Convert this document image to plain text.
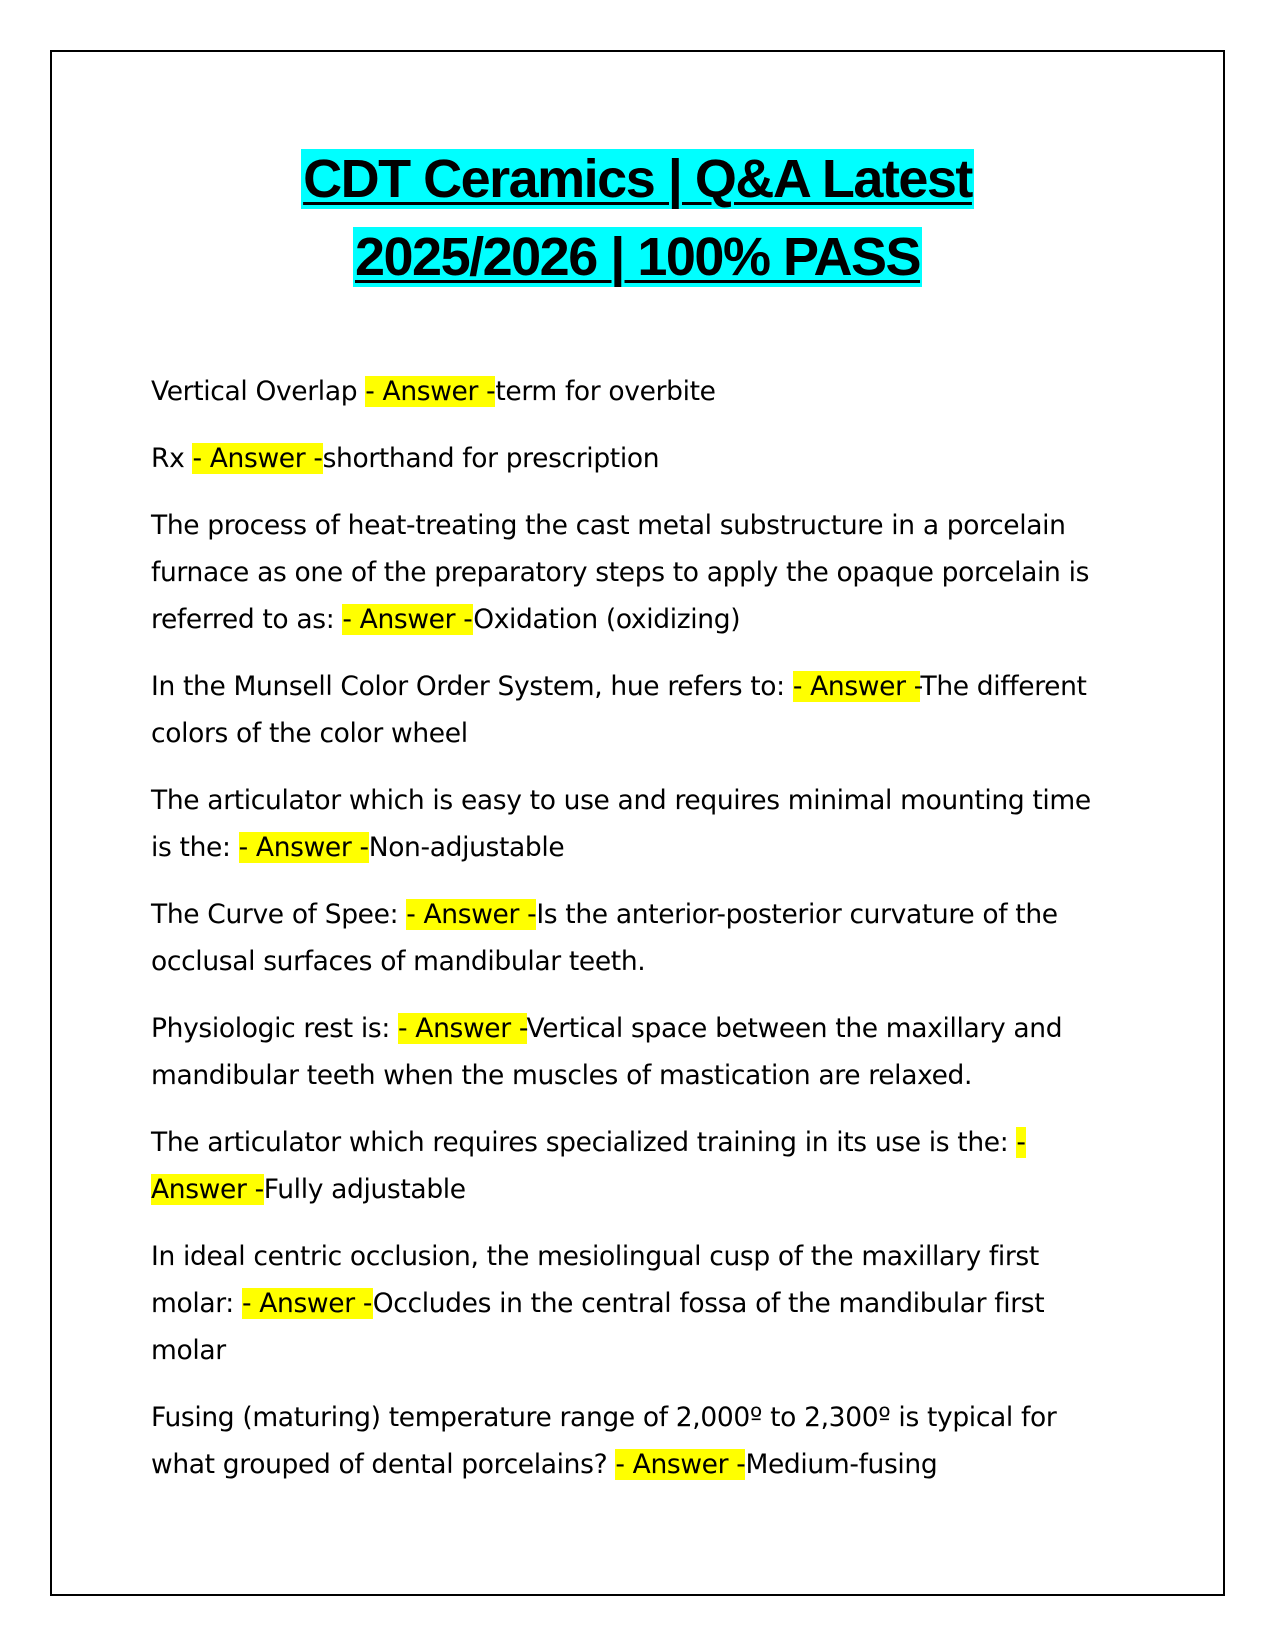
CDT Ceramics | Q&A Latest
2025/2026 | 100% PASS

Vertical Overlap - Answer -term for overbite

Rx - Answer -shorthand for prescription

The process of heat-treating the cast metal substructure in a porcelain furnace as one of the preparatory steps to apply the opaque porcelain is referred to as: - Answer -Oxidation (oxidizing)

In the Munsell Color Order System, hue refers to: - Answer -The different colors of the color wheel

The articulator which is easy to use and requires minimal mounting time is the: - Answer -Non-adjustable

The Curve of Spee: - Answer -Is the anterior-posterior curvature of the occlusal surfaces of mandibular teeth.

Physiologic rest is: - Answer -Vertical space between the maxillary and mandibular teeth when the muscles of mastication are relaxed.

The articulator which requires specialized training in its use is the: - Answer -Fully adjustable

In ideal centric occlusion, the mesiolingual cusp of the maxillary first molar: - Answer -Occludes in the central fossa of the mandibular first molar

Fusing (maturing) temperature range of 2,000º to 2,300º is typical for what grouped of dental porcelains? - Answer -Medium-fusing
